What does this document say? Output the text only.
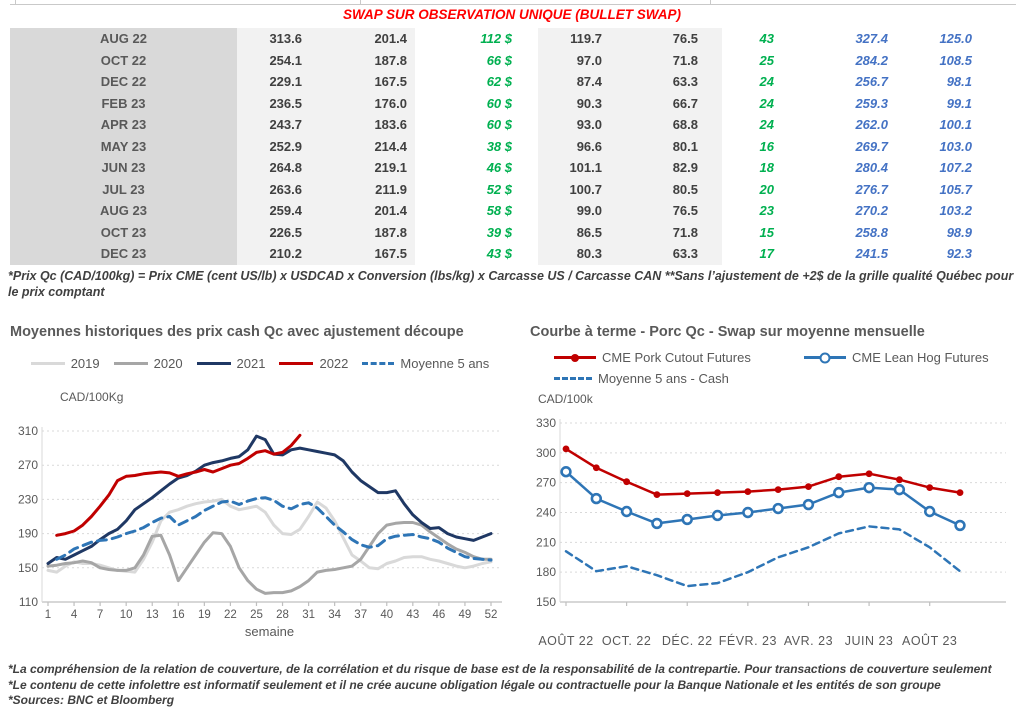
SWAP SUR OBSERVATION UNIQUE (BULLET SWAP)
AUG 22	313.6	201.4	112 $	119.7	76.5	43	327.4	125.0
OCT 22	254.1	187.8	66 $	97.0	71.8	25	284.2	108.5
DEC 22	229.1	167.5	62 $	87.4	63.3	24	256.7	98.1
FEB 23	236.5	176.0	60 $	90.3	66.7	24	259.3	99.1
APR 23	243.7	183.6	60 $	93.0	68.8	24	262.0	100.1
MAY 23	252.9	214.4	38 $	96.6	80.1	16	269.7	103.0
JUN 23	264.8	219.1	46 $	101.1	82.9	18	280.4	107.2
JUL 23	263.6	211.9	52 $	100.7	80.5	20	276.7	105.7
AUG 23	259.4	201.4	58 $	99.0	76.5	23	270.2	103.2
OCT 23	226.5	187.8	39 $	86.5	71.8	15	258.8	98.9
DEC 23	210.2	167.5	43 $	80.3	63.3	17	241.5	92.3
*Prix Qc (CAD/100kg) = Prix CME (cent US/lb) x USDCAD x Conversion (lbs/kg) x Carcasse US / Carcasse CAN **Sans l’ajustement de +2$ de la grille qualité Québec pour le prix comptant
Moyennes historiques des prix cash Qc avec ajustement découpe
2019	2020	2021	2022	Moyenne 5 ans
CAD/100Kg
110
150
190
230
270
310
1 4 7 10 13 16 19 22 25 28 31 34 37 40 43 46 49 52
semaine
Courbe à terme - Porc Qc - Swap sur moyenne mensuelle
CME Pork Cutout Futures	CME Lean Hog Futures
Moyenne 5 ans - Cash
CAD/100k
150
180
210
240
270
300
330
AOÛT 22 OCT. 22 DÉC. 22 FÉVR. 23 AVR. 23 JUIN 23 AOÛT 23
*La compréhension de la relation de couverture, de la corrélation et du risque de base est de la responsabilité de la contrepartie. Pour transactions de couverture seulement
*Le contenu de cette infolettre est informatif seulement et il ne crée aucune obligation légale ou contractuelle pour la Banque Nationale et les entités de son groupe
*Sources: BNC et Bloomberg
